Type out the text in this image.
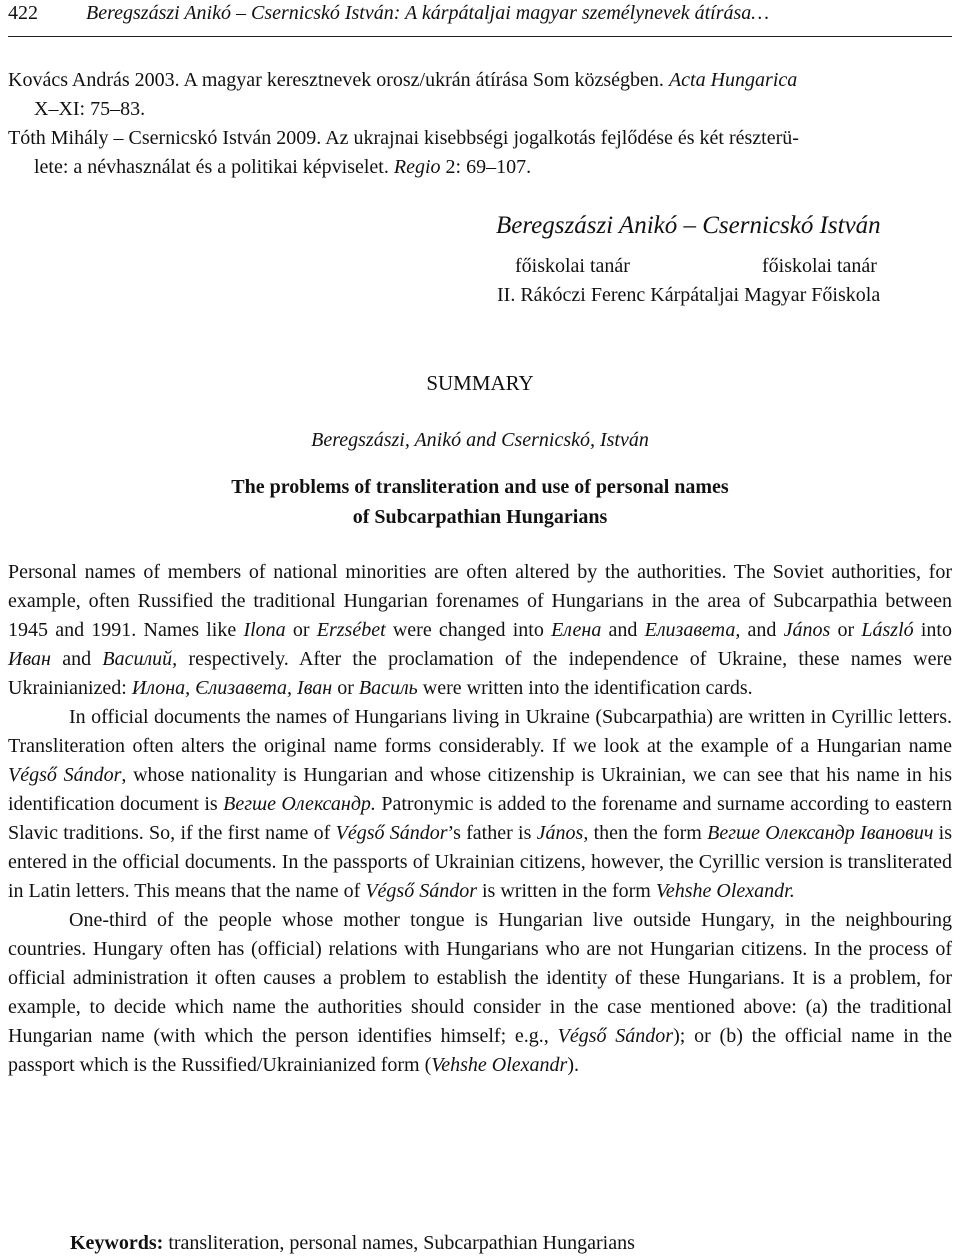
422 Beregszászi Anikó – Csernicskó István: A kárpátaljai magyar személynevek átírása…
Kovács András 2003. A magyar keresztnevek orosz/ukrán átírása Som községben. Acta Hungarica
X–XI: 75–83.
Tóth Mihály – Csernicskó István 2009. Az ukrajnai kisebbségi jogalkotás fejlődése és két részterü-
lete: a névhasználat és a politikai képviselet. Regio 2: 69–107.
Beregszászi Anikó – Csernicskó István
főiskolai tanár	főiskolai tanár
II. Rákóczi Ferenc Kárpátaljai Magyar Főiskola
SUMMARY
Beregszászi, Anikó and Csernicskó, István
The problems of transliteration and use of personal names
of Subcarpathian Hungarians

Personal names of members of national minorities are often altered by the authorities. The Soviet authorities, for example, often Russified the traditional Hungarian forenames of Hungarians in the area of Subcarpathia between 1945 and 1991. Names like Ilona or Erzsébet were changed into Елена and Елизавета, and János or László into Иван and Василий, respectively. After the proclamation of the independence of Ukraine, these names were Ukrainianized: Илона, Єлизавета, Іван or Василь were written into the identification cards.

In official documents the names of Hungarians living in Ukraine (Subcarpathia) are written in Cyrillic letters. Transliteration often alters the original name forms considerably. If we look at the example of a Hungarian name Végső Sándor, whose nationality is Hungarian and whose citizenship is Ukrainian, we can see that his name in his identification document is Вегше Олександр. Patronymic is added to the forename and surname according to eastern Slavic traditions. So, if the first name of Végső Sándor’s father is János, then the form Вегше Олександр Іванович is entered in the official documents. In the passports of Ukrainian citizens, however, the Cyrillic version is transliterated in Latin letters. This means that the name of Végső Sándor is written in the form Vehshe Olexandr.

One-third of the people whose mother tongue is Hungarian live outside Hungary, in the neighbouring countries. Hungary often has (official) relations with Hungarians who are not Hungarian citizens. In the process of official administration it often causes a problem to establish the identity of these Hungarians. It is a problem, for example, to decide which name the authorities should consider in the case mentioned above: (a) the traditional Hungarian name (with which the person identifies himself; e.g., Végső Sándor); or (b) the official name in the passport which is the Russified/Ukrainianized form (Vehshe Olexandr).

Keywords: transliteration, personal names, Subcarpathian Hungarians
